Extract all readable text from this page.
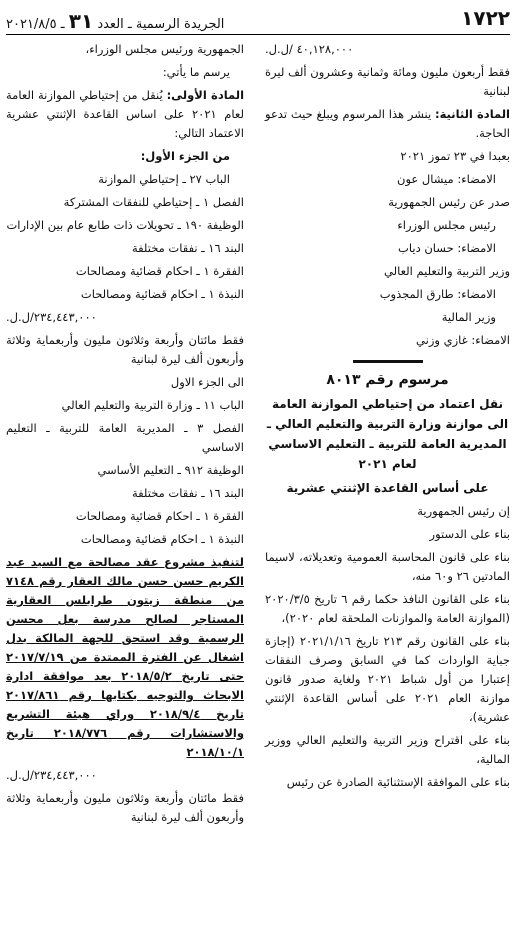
١٧٢٢
الجريدة الرسمية ـ العدد ٣١ ـ ٢٠٢١/٨/٥

٤٠,١٢٨,٠٠٠ /ل.ل.

فقط أربعون مليون ومائة وثمانية وعشرون ألف ليرة لبنانية

المادة الثانية: ينشر هذا المرسوم ويبلغ حيث تدعو الحاجة.

بعبدا في ٢٣ تموز ٢٠٢١

الامضاء: ميشال عون

صدر عن رئيس الجمهورية

رئيس مجلس الوزراء

الامضاء: حسان دياب

وزير التربية والتعليم العالي

الامضاء: طارق المجذوب

وزير المالية

الامضاء: غازي وزني

مرسوم رقم ٨٠١٣
نقل اعتماد من إحتياطي الموازنة العامة الى موازنة وزارة التربية والتعليم العالي ـ المديرية العامة للتربية ـ التعليم الاساسي لعام ٢٠٢١
على أساس القاعدة الإثنتي عشرية

إن رئيس الجمهورية

بناء على الدستور

بناء على قانون المحاسبة العمومية وتعديلاته، لاسيما المادتين ٢٦ و٦٠ منه،

بناء على القانون النافذ حكما رقم ٦ تاريخ ٢٠٢٠/٣/٥ (الموازنة العامة والموازنات الملحقة لعام ٢٠٢٠)،

بناء على القانون رقم ٢١٣ تاريخ ٢٠٢١/١/١٦ (إجازة جباية الواردات كما في السابق وصرف النفقات إعتبارا من أول شباط ٢٠٢١ ولغاية صدور قانون موازنة العام ٢٠٢١ على أساس القاعدة الإثنتي عشرية)،

بناء على اقتراح وزير التربية والتعليم العالي ووزير المالية،

بناء على الموافقة الإستثنائية الصادرة عن رئيس

الجمهورية ورئيس مجلس الوزراء،

يرسم ما يأتي:

المادة الأولى: يُنقل من إحتياطي الموازنة العامة لعام ٢٠٢١ على اساس القاعدة الإثنتي عشرية الاعتماد التالي:

من الجزء الأول:

الباب ٢٧ ـ إحتياطي الموازنة

الفصل ١ ـ إحتياطي للنفقات المشتركة

الوظيفة ١٩٠ ـ تحويلات ذات طابع عام بين الإدارات

البند ١٦ ـ نفقات مختلفة

الفقرة ١ ـ احكام قضائية ومصالحات

النبذة ١ ـ احكام قضائية ومصالحات

٢٣٤,٤٤٣,٠٠٠/ل.ل.

فقط مائتان وأربعة وثلاثون مليون وأربعماية وثلاثة وأربعون ألف ليرة لبنانية

الى الجزء الاول

الباب ١١ ـ وزارة التربية والتعليم العالي

الفصل ٣ ـ المديرية العامة للتربية ـ التعليم الاساسي

الوظيفة ٩١٢ ـ التعليم الأساسي

البند ١٦ ـ نفقات مختلفة

الفقرة ١ ـ احكام قضائية ومصالحات

النبذة ١ ـ احكام قضائية ومصالحات

لتنفيذ مشروع عقد مصالحة مع السيد عبد الكريم حسن حسن مالك العقار رقم ٧١٤٨ من منطقة زيتون طرابلس العقارية المستاجر لصالح مدرسة بعل محسن الرسمية وقد استحق للجهة المالكة بدل اشغال عن الفترة الممتدة من ٢٠١٧/٧/١٩ حتى تاريخ ٢٠١٨/٥/٢ بعد موافقة ادارة الابحاث والتوجيه بكتابها رقم ٢٠١٧/٨٦١ تاريخ ٢٠١٨/٩/٤ وراي هيئة التشريع والاستشارات رقم ٢٠١٨/٧٧٦ تاريخ ٢٠١٨/١٠/١

٢٣٤,٤٤٣,٠٠٠/ل.ل.

فقط مائتان وأربعة وثلاثون مليون وأربعماية وثلاثة وأربعون ألف ليرة لبنانية
